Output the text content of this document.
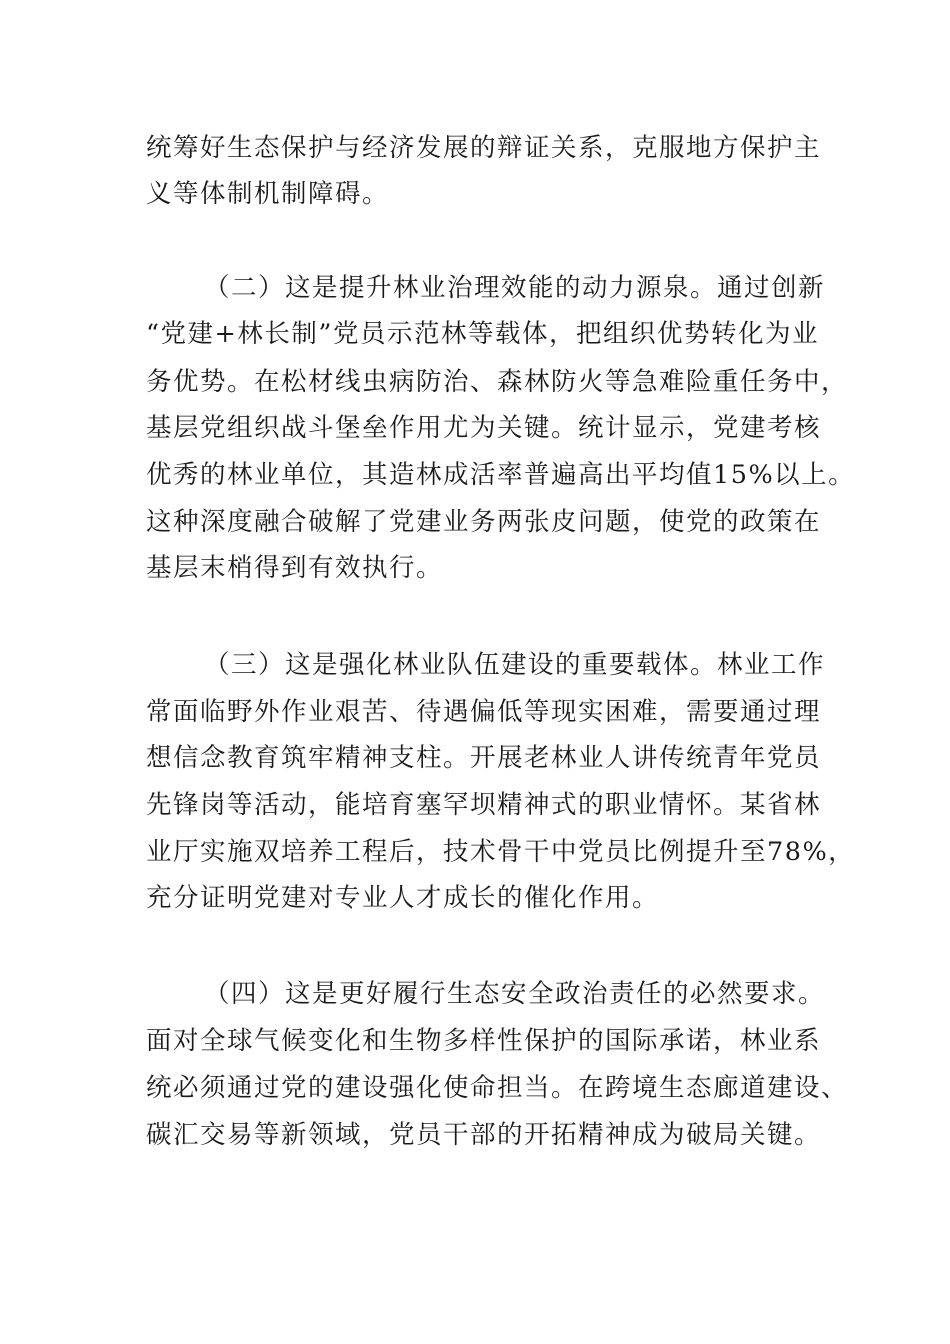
统筹好生态保护与经济发展的辩证关系，克服地方保护主
义等体制机制障碍。
（二）这是提升林业治理效能的动力源泉。通过创新
“党建+林长制”党员示范林等载体，把组织优势转化为业
务优势。在松材线虫病防治、森林防火等急难险重任务中，
基层党组织战斗堡垒作用尤为关键。统计显示，党建考核
优秀的林业单位，其造林成活率普遍高出平均值15%以上。
这种深度融合破解了党建业务两张皮问题，使党的政策在
基层末梢得到有效执行。
（三）这是强化林业队伍建设的重要载体。林业工作
常面临野外作业艰苦、待遇偏低等现实困难，需要通过理
想信念教育筑牢精神支柱。开展老林业人讲传统青年党员
先锋岗等活动，能培育塞罕坝精神式的职业情怀。某省林
业厅实施双培养工程后，技术骨干中党员比例提升至78%，
充分证明党建对专业人才成长的催化作用。
（四）这是更好履行生态安全政治责任的必然要求。
面对全球气候变化和生物多样性保护的国际承诺，林业系
统必须通过党的建设强化使命担当。在跨境生态廊道建设、
碳汇交易等新领域，党员干部的开拓精神成为破局关键。
